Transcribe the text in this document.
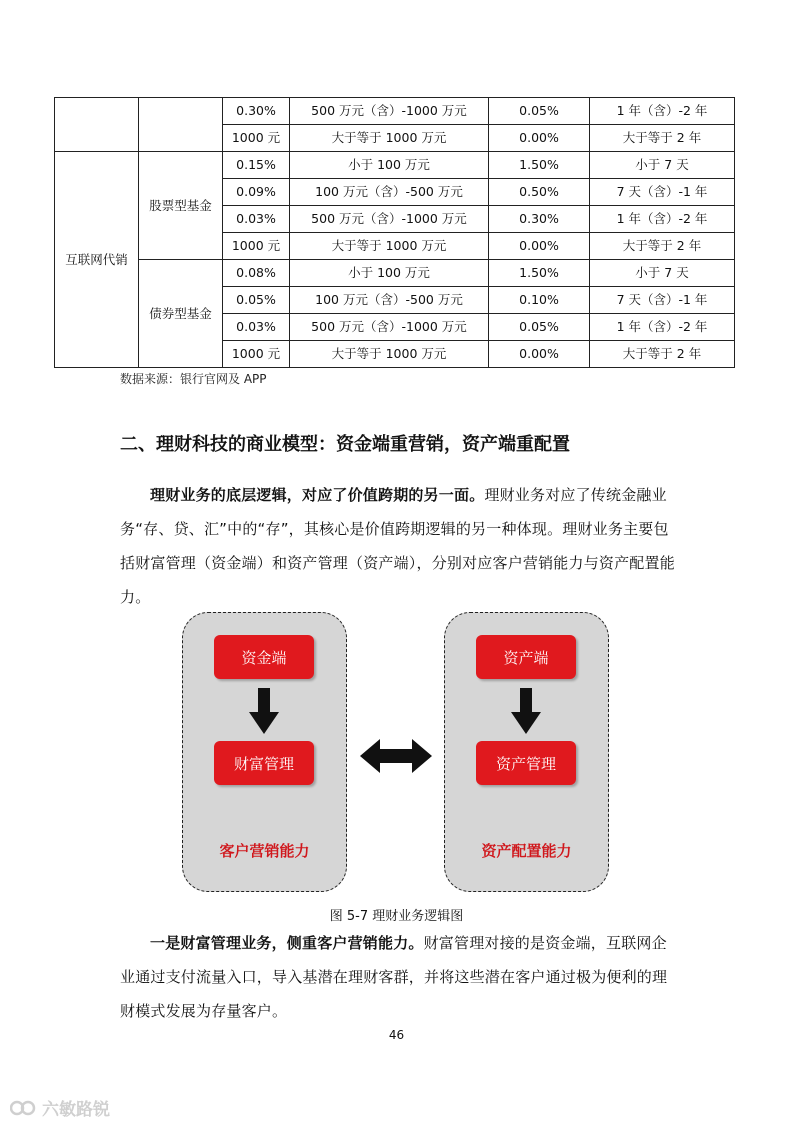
		0.30%	500 万元（含）-1000 万元	0.05%	1 年（含）-2 年
		1000 元	大于等于 1000 万元	0.00%	大于等于 2 年
互联网代销	股票型基金	0.15%	小于 100 万元	1.50%	小于 7 天
		0.09%	100 万元（含）-500 万元	0.50%	7 天（含）-1 年
		0.03%	500 万元（含）-1000 万元	0.30%	1 年（含）-2 年
		1000 元	大于等于 1000 万元	0.00%	大于等于 2 年
	债券型基金	0.08%	小于 100 万元	1.50%	小于 7 天
		0.05%	100 万元（含）-500 万元	0.10%	7 天（含）-1 年
		0.03%	500 万元（含）-1000 万元	0.05%	1 年（含）-2 年
		1000 元	大于等于 1000 万元	0.00%	大于等于 2 年
数据来源：银行官网及 APP
二、理财科技的商业模型：资金端重营销，资产端重配置

理财业务的底层逻辑，对应了价值跨期的另一面。理财业务对应了传统金融业务“存、贷、汇”中的“存”，其核心是价值跨期逻辑的另一种体现。理财业务主要包括财富管理（资金端）和资产管理（资产端），分别对应客户营销能力与资产配置能力。

资金端
财富管理
客户营销能力
资产端
资产管理
资产配置能力
图 5-7 理财业务逻辑图

一是财富管理业务，侧重客户营销能力。财富管理对接的是资金端，互联网企业通过支付流量入口，导入基潜在理财客群，并将这些潜在客户通过极为便利的理财模式发展为存量客户。

46
六敏路锐
